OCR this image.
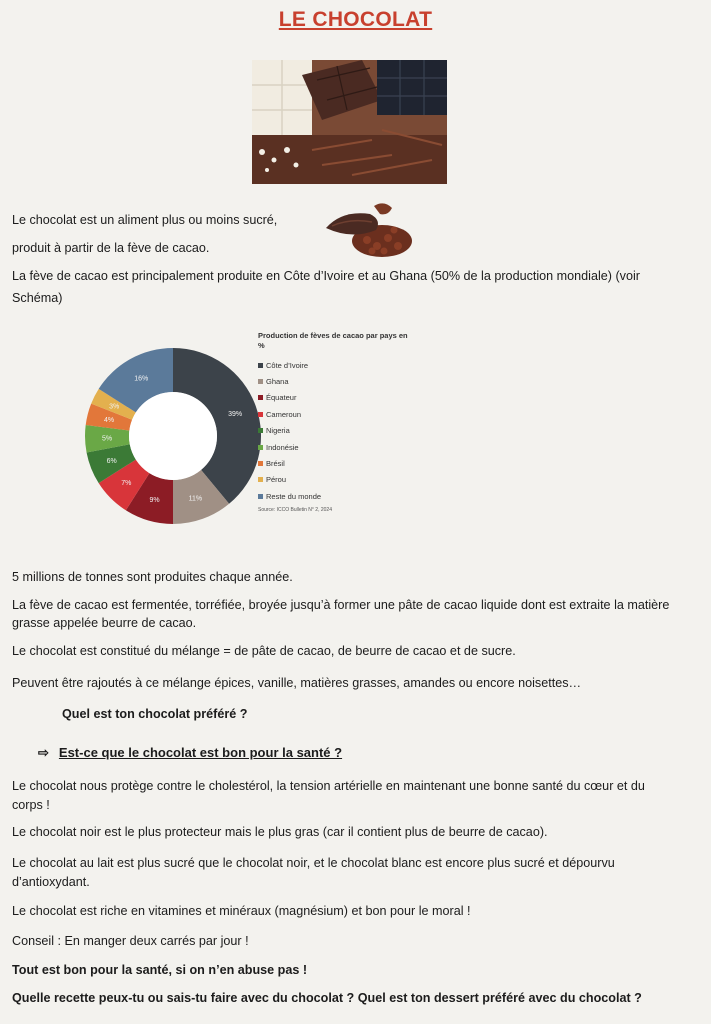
LE CHOCOLAT

Le chocolat est un aliment plus ou moins sucré,

produit à partir de la fève de cacao.

La fève de cacao est principalement produite en Côte d’Ivoire et au Ghana (50% de la production mondiale) (voir

Schéma)

39%
11%
9%
7%
6%
5%
4%
3%
16%
Production de fèves de cacao par pays en %
Côte d’Ivoire
Ghana
Équateur
Cameroun
Nigeria
Indonésie
Brésil
Pérou
Reste du monde
Source: ICCO Bulletin N° 2, 2024

5 millions de tonnes sont produites chaque année.

La fève de cacao est fermentée, torréfiée, broyée jusqu’à former une pâte de cacao liquide dont est extraite la matière

grasse appelée beurre de cacao.

Le chocolat est constitué du mélange = de pâte de cacao, de beurre de cacao et de sucre.

Peuvent être rajoutés à ce mélange épices, vanille, matières grasses, amandes ou encore noisettes…

Quel est ton chocolat préféré ?

⇨ Est-ce que le chocolat est bon pour la santé ?

Le chocolat nous protège contre le cholestérol, la tension artérielle en maintenant une bonne santé du cœur et du

corps !

Le chocolat noir est le plus protecteur mais le plus gras (car il contient plus de beurre de cacao).

Le chocolat au lait est plus sucré que le chocolat noir, et le chocolat blanc est encore plus sucré et dépourvu

d’antioxydant.

Le chocolat est riche en vitamines et minéraux (magnésium) et bon pour le moral !

Conseil : En manger deux carrés par jour !

Tout est bon pour la santé, si on n’en abuse pas !

Quelle recette peux-tu ou sais-tu faire avec du chocolat ? Quel est ton dessert préféré avec du chocolat ?
